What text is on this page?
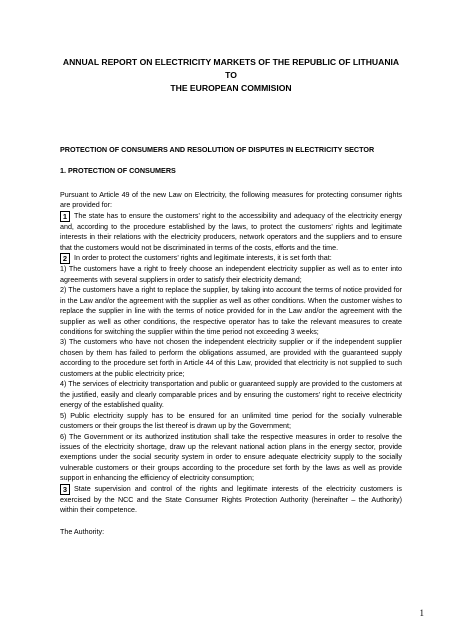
ANNUAL REPORT ON ELECTRICITY MARKETS OF THE REPUBLIC OF LITHUANIA TO

THE EUROPEAN COMMISION

PROTECTION OF CONSUMERS AND RESOLUTION OF DISPUTES IN ELECTRICITY SECTOR

1. PROTECTION OF CONSUMERS

Pursuant to Article 49 of the new Law on Electricity, the following measures for protecting consumer rights are provided for:

1 The state has to ensure the customers’ right to the accessibility and adequacy of the electricity energy and, according to the procedure established by the laws, to protect the customers’ rights and legitimate interests in their relations with the electricity producers, network operators and the suppliers and to ensure that the customers would not be discriminated in terms of the costs, efforts and the time.

2 In order to protect the customers’ rights and legitimate interests, it is set forth that:

1) The customers have a right to freely choose an independent electricity supplier as well as to enter into agreements with several suppliers in order to satisfy their electricity demand;

2) The customers have a right to replace the supplier, by taking into account the terms of notice provided for in the Law and/or the agreement with the supplier as well as other conditions. When the customer wishes to replace the supplier in line with the terms of notice provided for in the Law and/or the agreement with the supplier as well as other conditions, the respective operator has to take the relevant measures to create conditions for switching the supplier within the time period not exceeding 3 weeks;

3) The customers who have not chosen the independent electricity supplier or if the independent supplier chosen by them has failed to perform the obligations assumed, are provided with the guaranteed supply according to the procedure set forth in Article 44 of this Law, provided that electricity is not supplied to such customers at the public electricity price;

4) The services of electricity transportation and public or guaranteed supply are provided to the customers at the justified, easily and clearly comparable prices and by ensuring the customers’ right to receive electricity energy of the established quality.

5) Public electricity supply has to be ensured for an unlimited time period for the socially vulnerable customers or their groups the list thereof is drawn up by the Government;

6) The Government or its authorized institution shall take the respective measures in order to resolve the issues of the electricity shortage, draw up the relevant national action plans in the energy sector, provide exemptions under the social security system in order to ensure adequate electricity supply to the socially vulnerable customers or their groups according to the procedure set forth by the laws as well as provide support in enhancing the efficiency of electricity consumption;

3 State supervision and control of the rights and legitimate interests of the electricity customers is exercised by the NCC and the State Consumer Rights Protection Authority (hereinafter – the Authority) within their competence.

The Authority:

1
